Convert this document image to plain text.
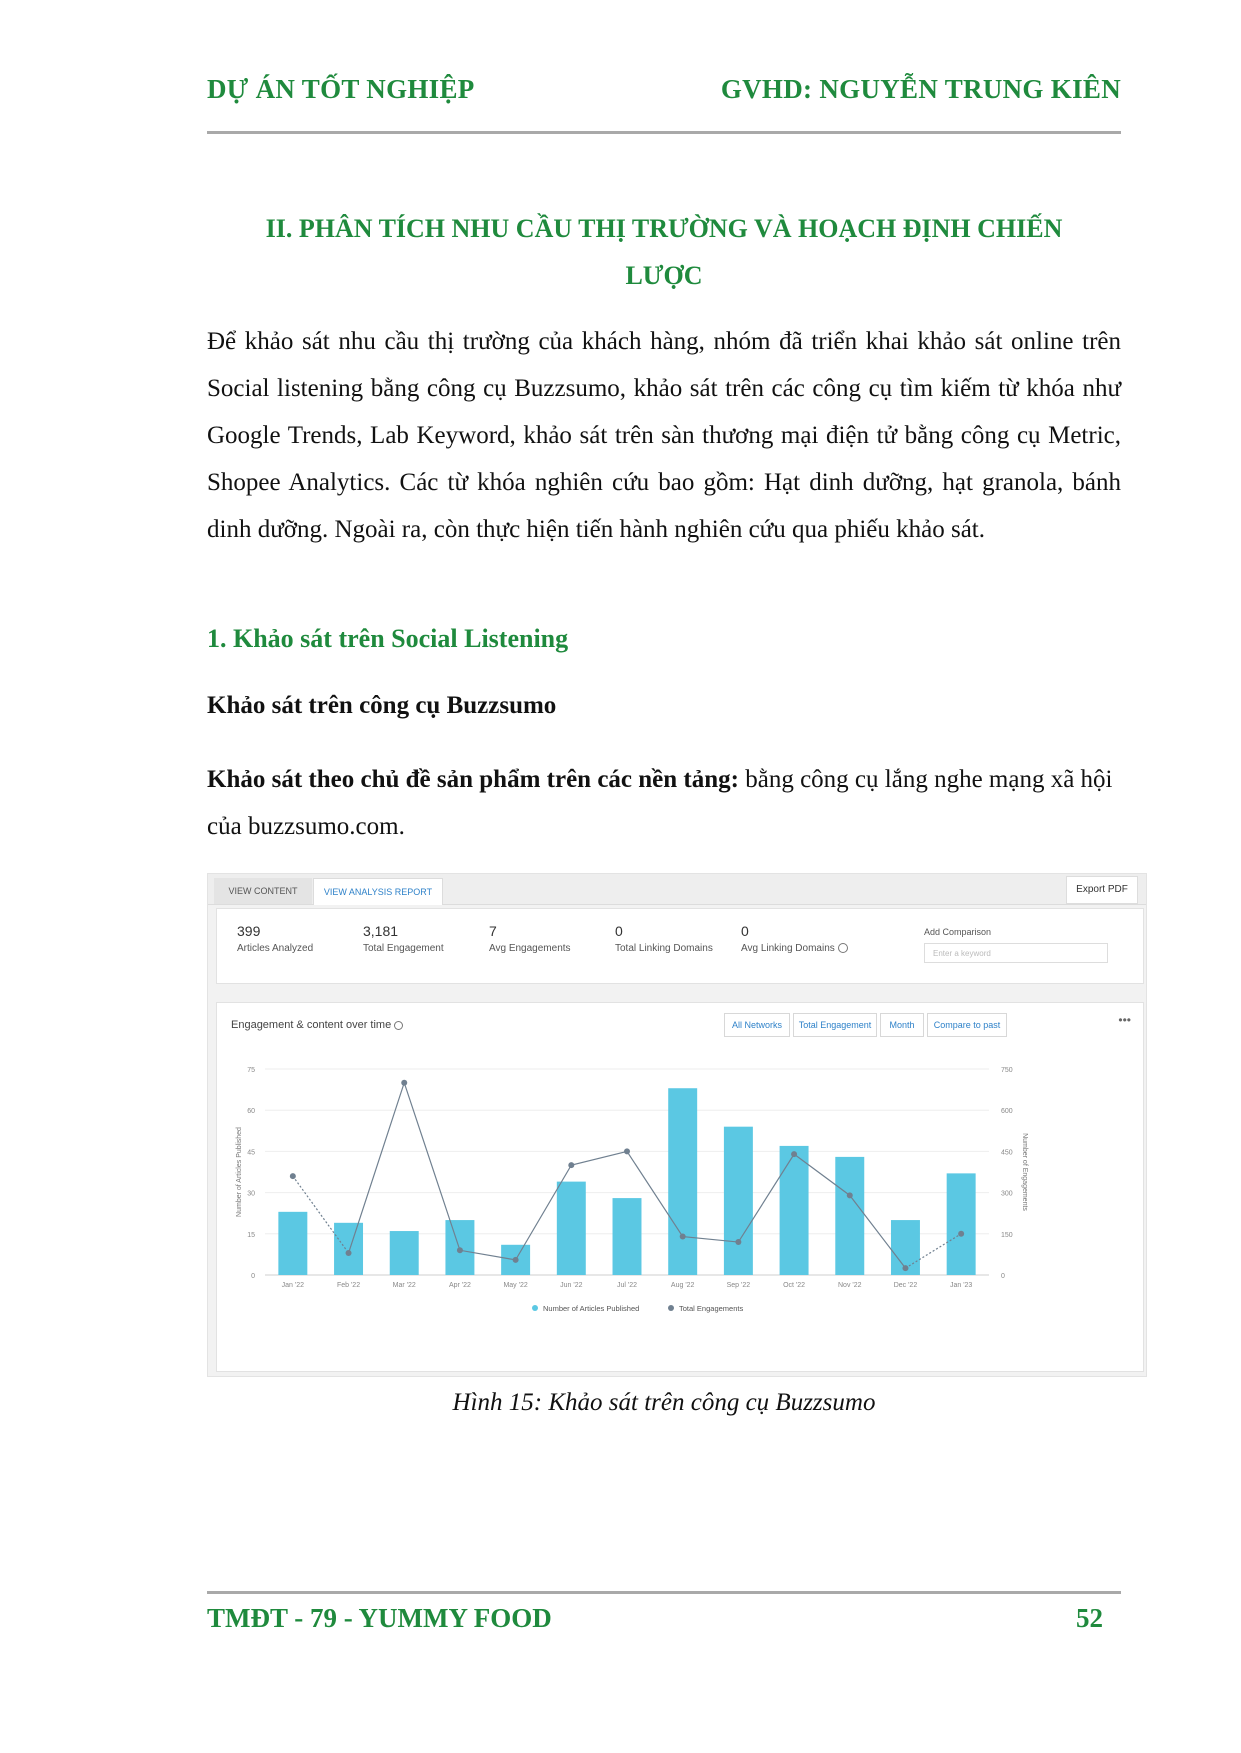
DỰ ÁN TỐT NGHIỆP	GVHD: NGUYỄN TRUNG KIÊN
II. PHÂN TÍCH NHU CẦU THỊ TRƯỜNG VÀ HOẠCH ĐỊNH CHIẾN
LƯỢC
Để khảo sát nhu cầu thị trường của khách hàng, nhóm đã triển khai khảo sát online trên Social listening bằng công cụ Buzzsumo, khảo sát trên các công cụ tìm kiếm từ khóa như Google Trends, Lab Keyword, khảo sát trên sàn thương mại điện tử bằng công cụ Metric, Shopee Analytics. Các từ khóa nghiên cứu bao gồm: Hạt dinh dưỡng, hạt granola, bánh dinh dưỡng. Ngoài ra, còn thực hiện tiến hành nghiên cứu qua phiếu khảo sát.
1. Khảo sát trên Social Listening
Khảo sát trên công cụ Buzzsumo
Khảo sát theo chủ đề sản phẩm trên các nền tảng: bằng công cụ lắng nghe mạng xã hội của buzzsumo.com.
VIEW CONTENT	VIEW ANALYSIS REPORT	Export PDF
399
Articles Analyzed
3,181
Total Engagement
7
Avg Engagements
0
Total Linking Domains
0
Avg Linking Domains
Add Comparison
Enter a keyword
Engagement & content over time	All Networks	Total Engagement	Month	Compare to past	•••
0
15
30
45
60
75
0
150
300
450
600
750
Number of Articles Published	Number of Engagements
Jan '22	Feb '22	Mar '22	Apr '22	May '22	Jun '22	Jul '22	Aug '22	Sep '22	Oct '22	Nov '22	Dec '22	Jan '23
Number of Articles Published	Total Engagements
Hình 15: Khảo sát trên công cụ Buzzsumo
TMĐT - 79 - YUMMY FOOD	52
